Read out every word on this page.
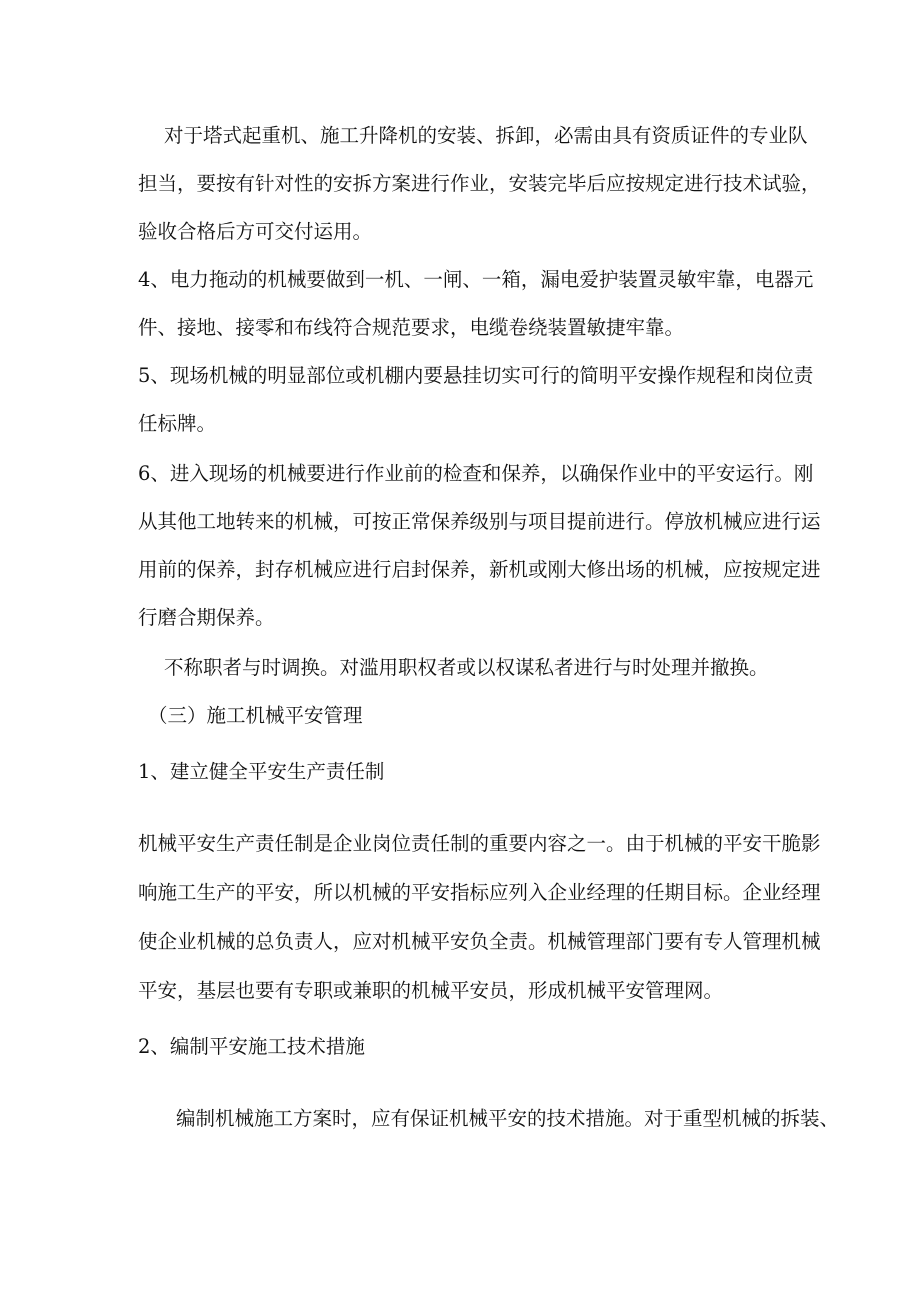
对于塔式起重机、施工升降机的安装、拆卸，必需由具有资质证件的专业队
担当，要按有针对性的安拆方案进行作业，安装完毕后应按规定进行技术试验，
验收合格后方可交付运用。
4、电力拖动的机械要做到一机、一闸、一箱，漏电爱护装置灵敏牢靠，电器元
件、接地、接零和布线符合规范要求，电缆卷绕装置敏捷牢靠。
5、现场机械的明显部位或机棚内要悬挂切实可行的简明平安操作规程和岗位责
任标牌。
6、进入现场的机械要进行作业前的检查和保养，以确保作业中的平安运行。刚
从其他工地转来的机械，可按正常保养级别与项目提前进行。停放机械应进行运
用前的保养，封存机械应进行启封保养，新机或刚大修出场的机械，应按规定进
行磨合期保养。
不称职者与时调换。对滥用职权者或以权谋私者进行与时处理并撤换。
（三）施工机械平安管理
1、建立健全平安生产责任制
机械平安生产责任制是企业岗位责任制的重要内容之一。由于机械的平安干脆影
响施工生产的平安，所以机械的平安指标应列入企业经理的任期目标。企业经理
使企业机械的总负责人，应对机械平安负全责。机械管理部门要有专人管理机械
平安，基层也要有专职或兼职的机械平安员，形成机械平安管理网。
2、编制平安施工技术措施
编制机械施工方案时，应有保证机械平安的技术措施。对于重型机械的拆装、
